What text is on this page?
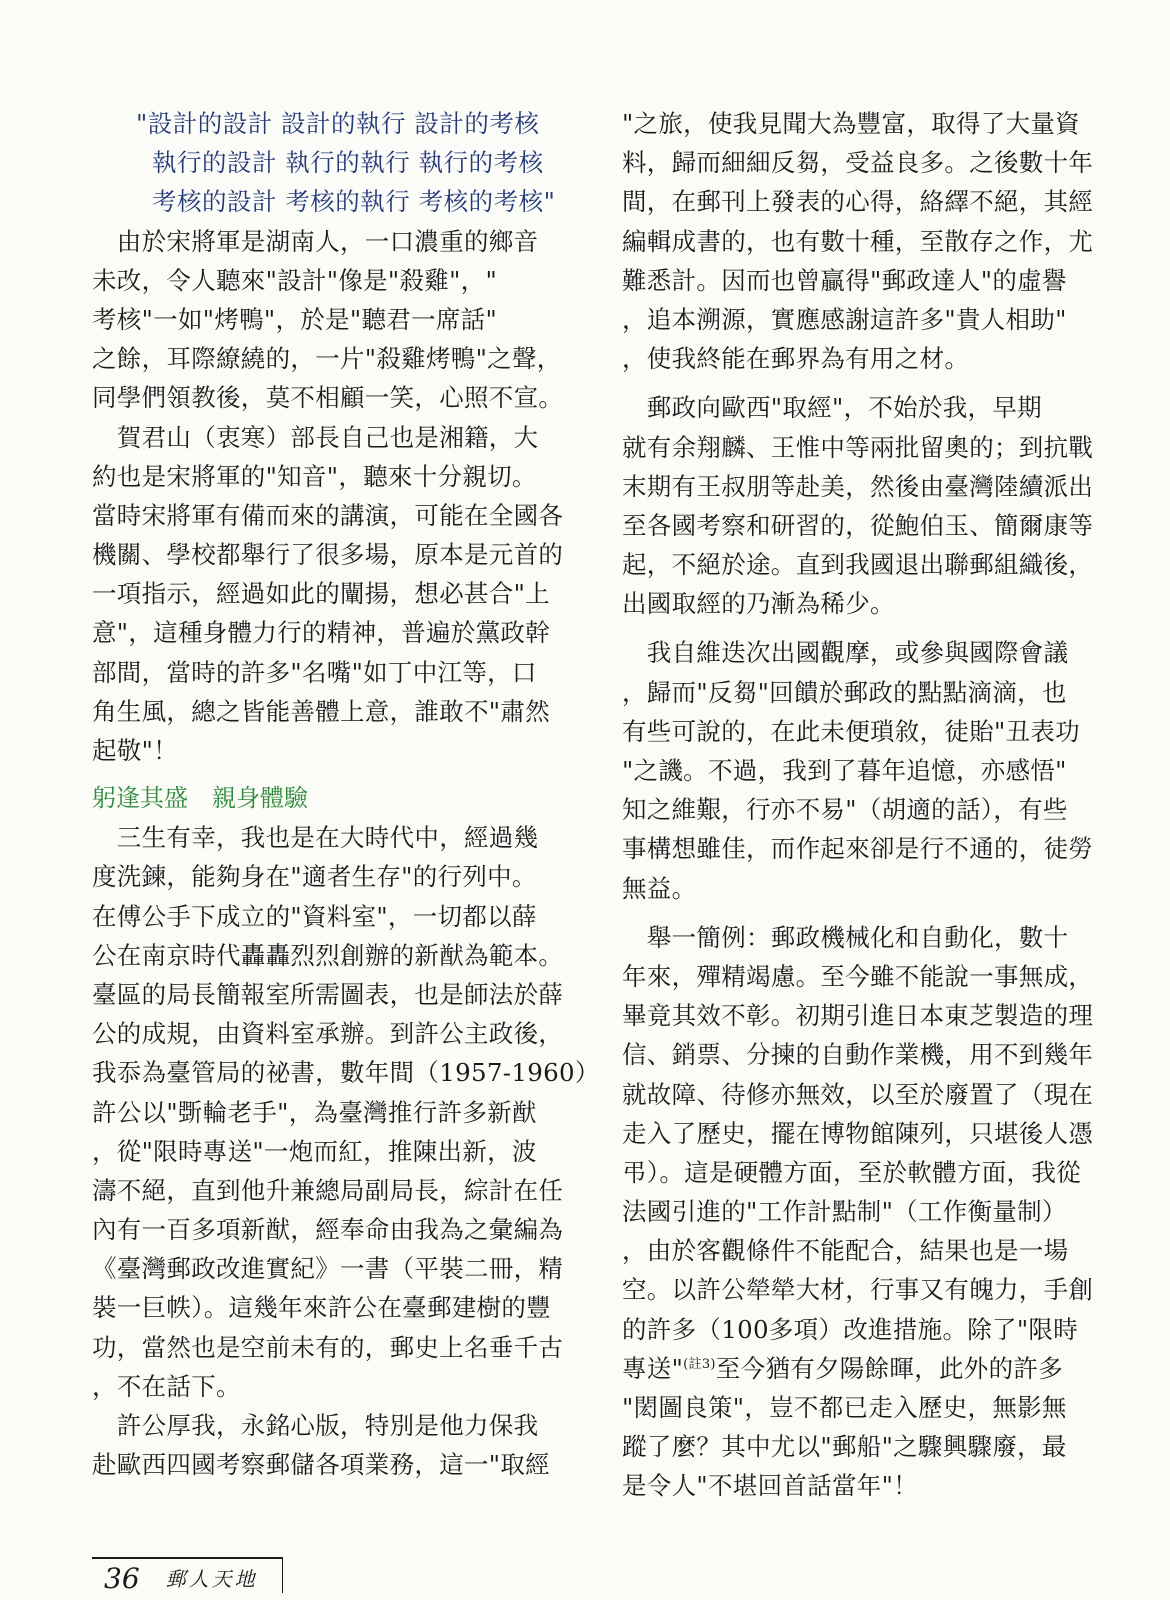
"設計的設計 設計的執行 設計的考核
執行的設計 執行的執行 執行的考核
考核的設計 考核的執行 考核的考核"
　由於宋將軍是湖南人，一口濃重的鄉音
未改，令人聽來"設計"像是"殺雞"，"
考核"一如"烤鴨"，於是"聽君一席話"
之餘，耳際繚繞的，一片"殺雞烤鴨"之聲，
同學們領教後，莫不相顧一笑，心照不宣。
　賀君山（衷寒）部長自己也是湘籍，大
約也是宋將軍的"知音"，聽來十分親切。
當時宋將軍有備而來的講演，可能在全國各
機關、學校都舉行了很多場，原本是元首的
一項指示，經過如此的闡揚，想必甚合"上
意"，這種身體力行的精神，普遍於黨政幹
部間，當時的許多"名嘴"如丁中江等，口
角生風，總之皆能善體上意，誰敢不"肅然
起敬"！
躬逢其盛　親身體驗
　三生有幸，我也是在大時代中，經過幾
度洗鍊，能夠身在"適者生存"的行列中。
在傅公手下成立的"資料室"，一切都以薛
公在南京時代轟轟烈烈創辦的新猷為範本。
臺區的局長簡報室所需圖表，也是師法於薛
公的成規，由資料室承辦。到許公主政後，
我忝為臺管局的祕書，數年間（1957-1960）
許公以"斲輪老手"，為臺灣推行許多新猷
，從"限時專送"一炮而紅，推陳出新，波
濤不絕，直到他升兼總局副局長，綜計在任
內有一百多項新猷，經奉命由我為之彙編為
《臺灣郵政改進實紀》一書（平裝二冊，精
裝一巨帙）。這幾年來許公在臺郵建樹的豐
功，當然也是空前未有的，郵史上名垂千古
，不在話下。
　許公厚我，永銘心版，特別是他力保我
赴歐西四國考察郵儲各項業務，這一"取經
"之旅，使我見聞大為豐富，取得了大量資
料，歸而細細反芻，受益良多。之後數十年
間，在郵刊上發表的心得，絡繹不絕，其經
編輯成書的，也有數十種，至散存之作，尤
難悉計。因而也曾贏得"郵政達人"的虛譽
，追本溯源，實應感謝這許多"貴人相助"
，使我終能在郵界為有用之材。
　郵政向歐西"取經"，不始於我，早期
就有余翔麟、王惟中等兩批留奧的；到抗戰
末期有王叔朋等赴美，然後由臺灣陸續派出
至各國考察和研習的，從鮑伯玉、簡爾康等
起，不絕於途。直到我國退出聯郵組織後，
出國取經的乃漸為稀少。
　我自維迭次出國觀摩，或參與國際會議
，歸而"反芻"回饋於郵政的點點滴滴，也
有些可說的，在此未便瑣敘，徒貽"丑表功
"之譏。不過，我到了暮年追憶，亦感悟"
知之維艱，行亦不易"（胡適的話），有些
事構想雖佳，而作起來卻是行不通的，徒勞
無益。
　舉一簡例：郵政機械化和自動化，數十
年來，殫精竭慮。至今雖不能說一事無成，
畢竟其效不彰。初期引進日本東芝製造的理
信、銷票、分揀的自動作業機，用不到幾年
就故障、待修亦無效，以至於廢置了（現在
走入了歷史，擺在博物館陳列，只堪後人憑
弔）。這是硬體方面，至於軟體方面，我從
法國引進的"工作計點制"（工作衡量制）
，由於客觀條件不能配合，結果也是一場
空。以許公犖犖大材，行事又有魄力，手創
的許多（100多項）改進措施。除了"限時
專送"$^{(註3)}$至今猶有夕陽餘暉，此外的許多
"閎圖良策"，豈不都已走入歷史，無影無
蹤了麼？其中尤以"郵船"之驟興驟廢，最
是令人"不堪回首話當年"！
36 郵人天地
